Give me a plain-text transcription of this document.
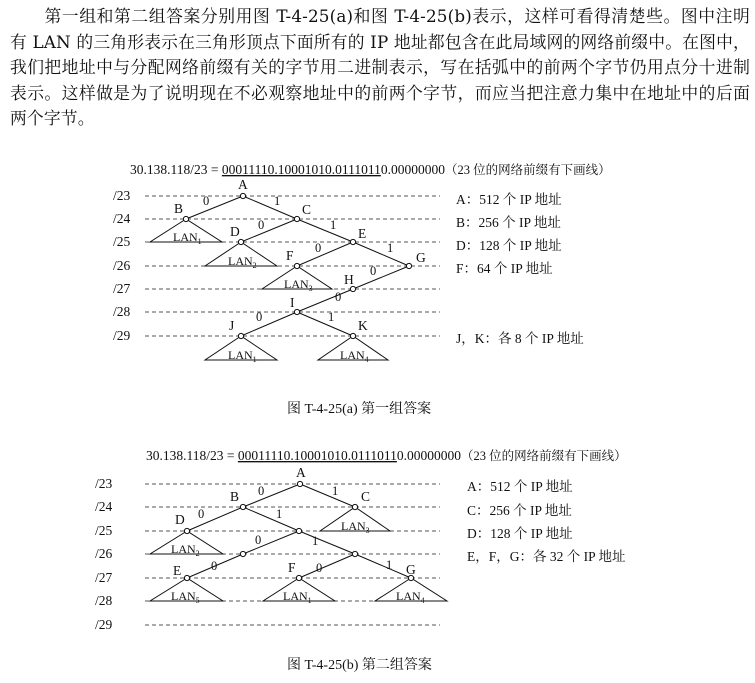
第一组和第二组答案分别用图 T-4-25(a)和图 T-4-25(b)表示，这样可看得清楚些。图中注明有 LAN 的三角形表示在三角形顶点下面所有的 IP 地址都包含在此局域网的网络前缀中。在图中，我们把地址中与分配网络前缀有关的字节用二进制表示，写在括弧中的前两个字节仍用点分十进制表示。这样做是为了说明现在不必观察地址中的前两个字节，而应当把注意力集中在地址中的后面两个字节。
30.138.118/23 = 00011110.10001010.01110110.00000000（23 位的网络前缀有下画线）
/23
/24
/25
/26
/27
/28
/29
A
B	C
D	E
F	G
H
I
J	K
0	1
0	1
0	1
0
0
0	1
$LAN_1$
$LAN_2$
$LAN_3$
$LAN_1$	$LAN_4$
A：512 个 IP 地址
B：256 个 IP 地址
D：128 个 IP 地址
F：64 个 IP 地址
J，K：各 8 个 IP 地址
图 T-4-25(a) 第一组答案
30.138.118/23 = 00011110.10001010.01110110.00000000（23 位的网络前缀有下画线）
/23
/24
/25
/26
/27
/28
/29
A
B	C
D
E	F	G
0	1
0	1
0	1
0	0	1
$LAN_3$
$LAN_2$
$LAN_5$	$LAN_1$	$LAN_4$
A：512 个 IP 地址
C：256 个 IP 地址
D：128 个 IP 地址
E，F，G：各 32 个 IP 地址
图 T-4-25(b) 第二组答案
